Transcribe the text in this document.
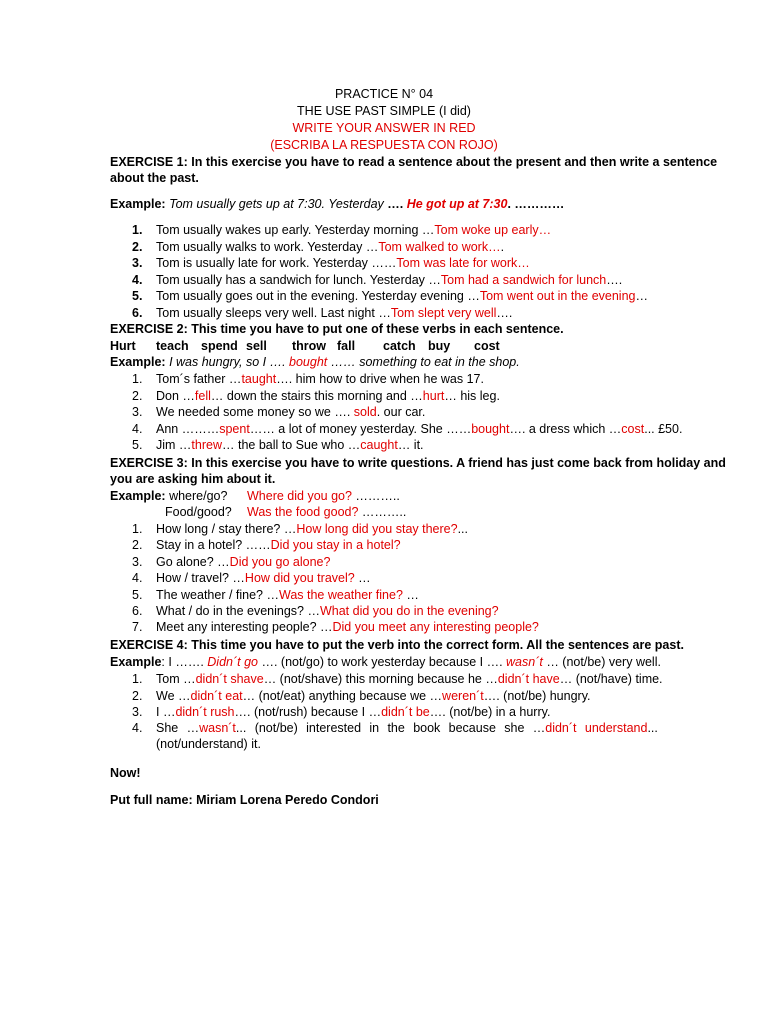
PRACTICE N° 04
THE USE PAST SIMPLE (I did)
WRITE YOUR ANSWER IN RED
(ESCRIBA LA RESPUESTA CON ROJO)
EXERCISE 1: In this exercise you have to read a sentence about the present and then write a sentence
about the past.
Example: Tom usually gets up at 7:30. Yesterday …. He got up at 7:30. …………
1. Tom usually wakes up early. Yesterday morning …Tom woke up early…
2. Tom usually walks to work. Yesterday …Tom walked to work….
3. Tom is usually late for work. Yesterday ……Tom was late for work…
4. Tom usually has a sandwich for lunch. Yesterday …Tom had a sandwich for lunch….
5. Tom usually goes out in the evening. Yesterday evening …Tom went out in the evening…
6. Tom usually sleeps very well. Last night …Tom slept very well….
EXERCISE 2: This time you have to put one of these verbs in each sentence.
Hurt teach spend sell throw fall catch buy cost
Example: I was hungry, so I …. bought …… something to eat in the shop.
1. Tom´s father …taught…. him how to drive when he was 17.
2. Don …fell… down the stairs this morning and …hurt… his leg.
3. We needed some money so we …. sold. our car.
4. Ann ………spent…… a lot of money yesterday. She ……bought…. a dress which …cost... £50.
5. Jim …threw… the ball to Sue who …caught… it.
EXERCISE 3: In this exercise you have to write questions. A friend has just come back from holiday and
you are asking him about it.
Example: where/go? Where did you go? ………..
Food/good? Was the food good? ………..
1. How long / stay there? …How long did you stay there?...
2. Stay in a hotel? ……Did you stay in a hotel?
3. Go alone? …Did you go alone?
4. How / travel? …How did you travel? …
5. The weather / fine? …Was the weather fine? …
6. What / do in the evenings? …What did you do in the evening?
7. Meet any interesting people? …Did you meet any interesting people?
EXERCISE 4: This time you have to put the verb into the correct form. All the sentences are past.
Example: I ……. Didn´t go …. (not/go) to work yesterday because I …. wasn´t … (not/be) very well.
1. Tom …didn´t shave… (not/shave) this morning because he …didn´t have… (not/have) time.
2. We …didn´t eat… (not/eat) anything because we …weren´t…. (not/be) hungry.
3. I …didn´t rush…. (not/rush) because I …didn´t be…. (not/be) in a hurry.
4. She …wasn´t... (not/be) interested in the book because she …didn´t understand...
(not/understand) it.
Now!
Put full name: Miriam Lorena Peredo Condori
